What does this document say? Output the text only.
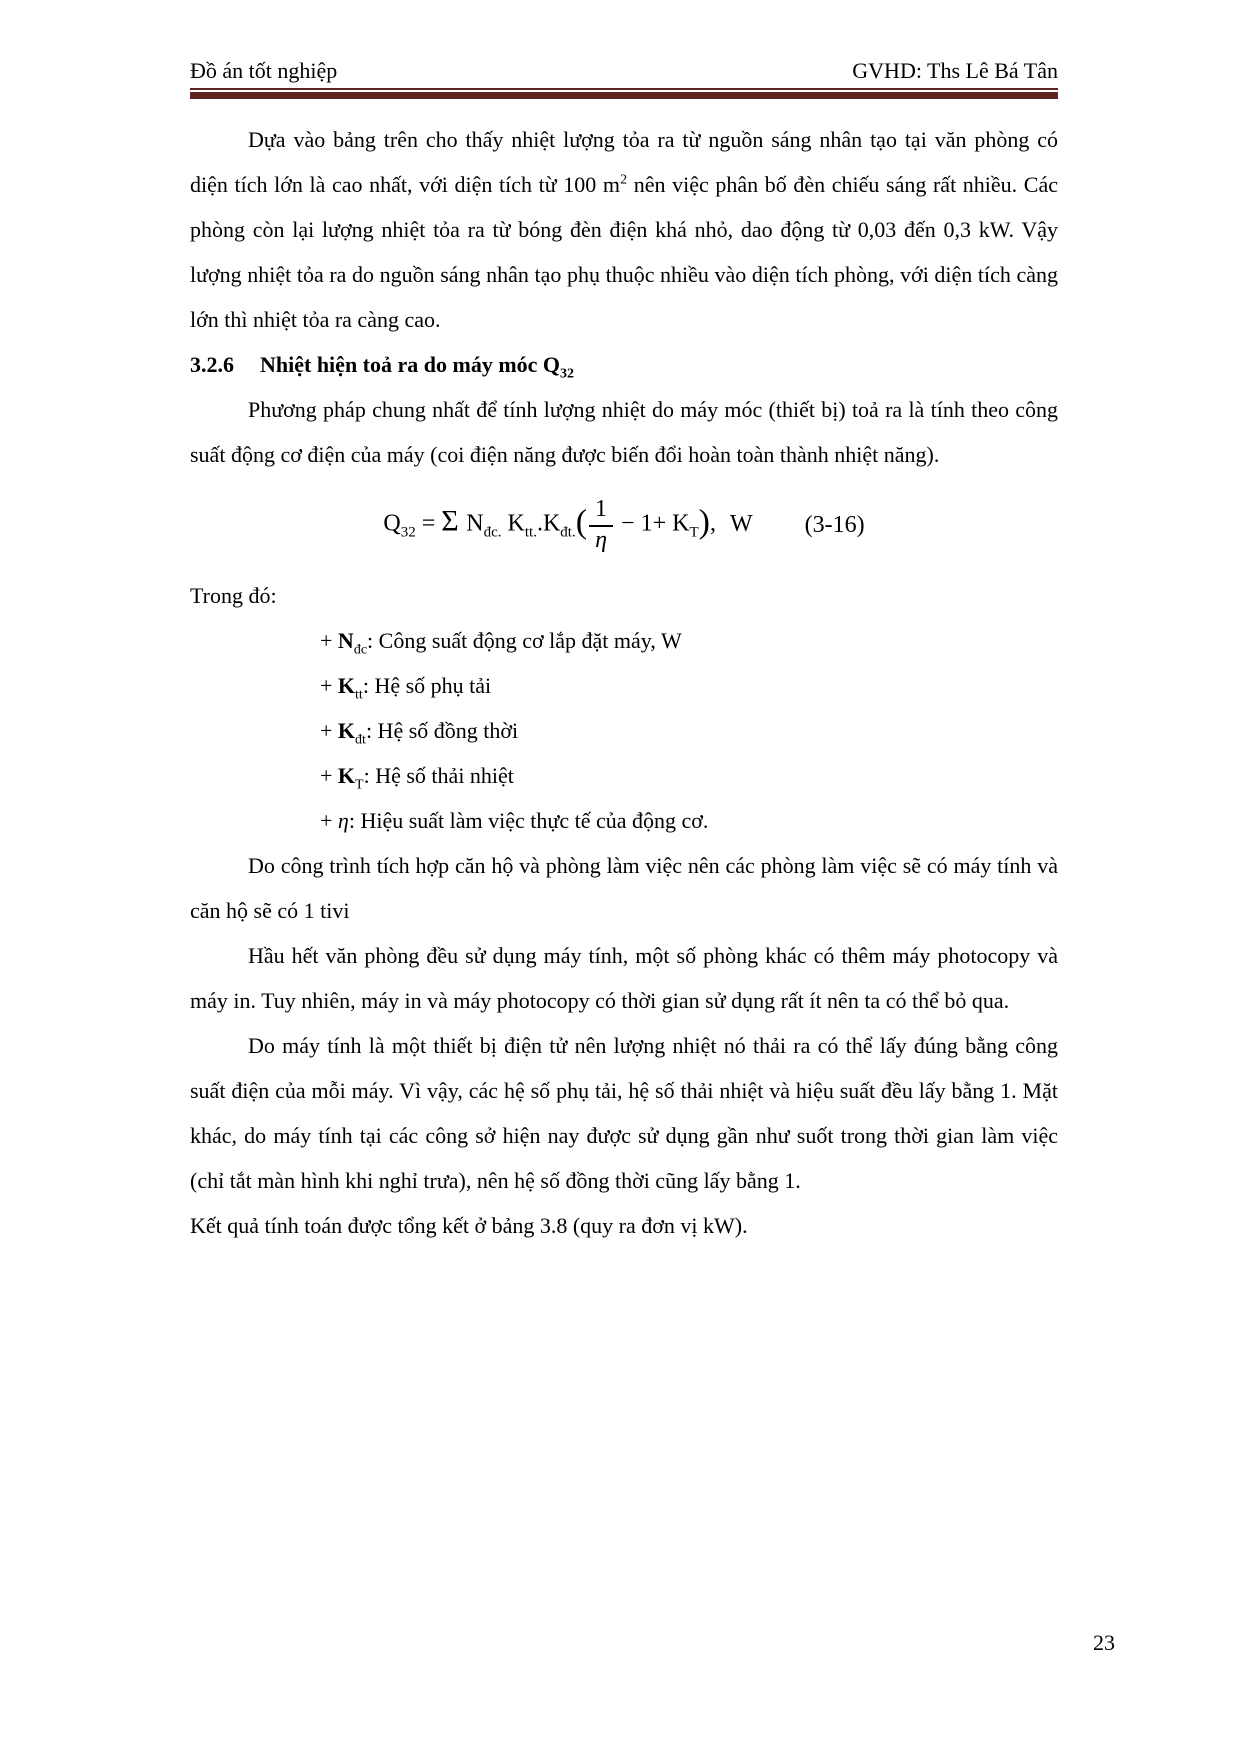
Đồ án tốt nghiệp	GVHD: Ths Lê Bá Tân

Dựa vào bảng trên cho thấy nhiệt lượng tỏa ra từ nguồn sáng nhân tạo tại văn phòng có diện tích lớn là cao nhất, với diện tích từ 100 $m^2$ nên việc phân bố đèn chiếu sáng rất nhiều. Các phòng còn lại lượng nhiệt tỏa ra từ bóng đèn điện khá nhỏ, dao động từ 0,03 đến 0,3 kW. Vậy lượng nhiệt tỏa ra do nguồn sáng nhân tạo phụ thuộc nhiều vào diện tích phòng, với diện tích càng lớn thì nhiệt tỏa ra càng cao.

3.2.6 Nhiệt hiện toả ra do máy móc $Q_{32}$

Phương pháp chung nhất để tính lượng nhiệt do máy móc (thiết bị) toả ra là tính theo công suất động cơ điện của máy (coi điện năng được biến đổi hoàn toàn thành nhiệt năng).

$Q_{32} = \Sigma$ $N_{đc.}$ $K_{tt.}.K_{đt.}( \frac{1}{\eta} - 1+ K_T)$, W (3-16)

Trong đó:

+ $N_{đc}$: Công suất động cơ lắp đặt máy, W
+ $K_{tt}$: Hệ số phụ tải
+ $K_{đt}$: Hệ số đồng thời
+ $K_T$: Hệ số thải nhiệt
+ η: Hiệu suất làm việc thực tế của động cơ.

Do công trình tích hợp căn hộ và phòng làm việc nên các phòng làm việc sẽ có máy tính và căn hộ sẽ có 1 tivi

Hầu hết văn phòng đều sử dụng máy tính, một số phòng khác có thêm máy photocopy và máy in. Tuy nhiên, máy in và máy photocopy có thời gian sử dụng rất ít nên ta có thể bỏ qua.

Do máy tính là một thiết bị điện tử nên lượng nhiệt nó thải ra có thể lấy đúng bằng công suất điện của mỗi máy. Vì vậy, các hệ số phụ tải, hệ số thải nhiệt và hiệu suất đều lấy bằng 1. Mặt khác, do máy tính tại các công sở hiện nay được sử dụng gần như suốt trong thời gian làm việc (chỉ tắt màn hình khi nghỉ trưa), nên hệ số đồng thời cũng lấy bằng 1.

Kết quả tính toán được tổng kết ở bảng 3.8 (quy ra đơn vị kW).

23
